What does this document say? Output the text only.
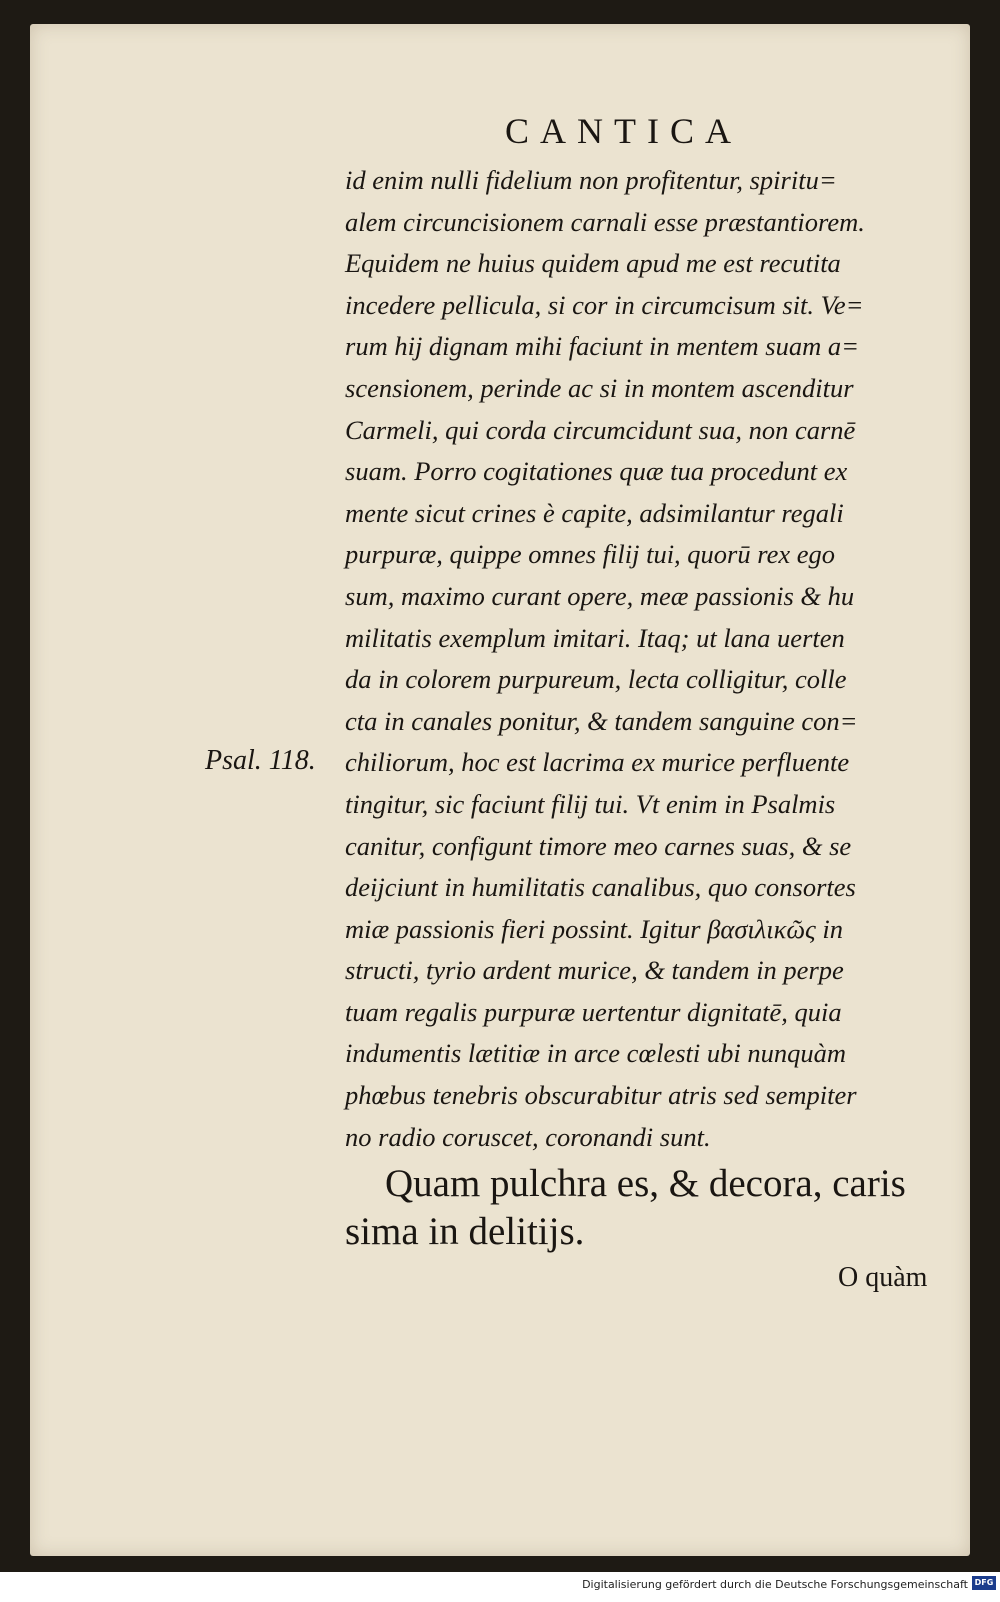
CANTICA
Psal. 118.
id enim nulli fidelium non profitentur, spiritu=
alem circuncisionem carnali esse præstantiorem.
Equidem ne huius quidem apud me est recutita
incedere pellicula, si cor in circumcisum sit. Ve=
rum hij dignam mihi faciunt in mentem suam a=
scensionem, perinde ac si in montem ascenditur
Carmeli, qui corda circumcidunt sua, non carnē
suam. Porro cogitationes quæ tua procedunt ex
mente sicut crines è capite, adsimilantur regali
purpuræ, quippe omnes filij tui, quorū rex ego
sum, maximo curant opere, meæ passionis & hu
militatis exemplum imitari. Itaq; ut lana uerten
da in colorem purpureum, lecta colligitur, colle
cta in canales ponitur, & tandem sanguine con=
chiliorum, hoc est lacrima ex murice perfluente
tingitur, sic faciunt filij tui. Vt enim in Psalmis
canitur, configunt timore meo carnes suas, & se
deijciunt in humilitatis canalibus, quo consortes
miæ passionis fieri possint. Igitur βασιλικῶς in
structi, tyrio ardent murice, & tandem in perpe
tuam regalis purpuræ uertentur dignitatē, quia
indumentis lætitiæ in arce cœlesti ubi nunquàm
phœbus tenebris obscurabitur atris sed sempiter
no radio coruscet, coronandi sunt.
Quam pulchra es, & decora, caris
sima in delitijs.
O quàm
Digitalisierung gefördert durch die Deutsche Forschungsgemeinschaft DFG
